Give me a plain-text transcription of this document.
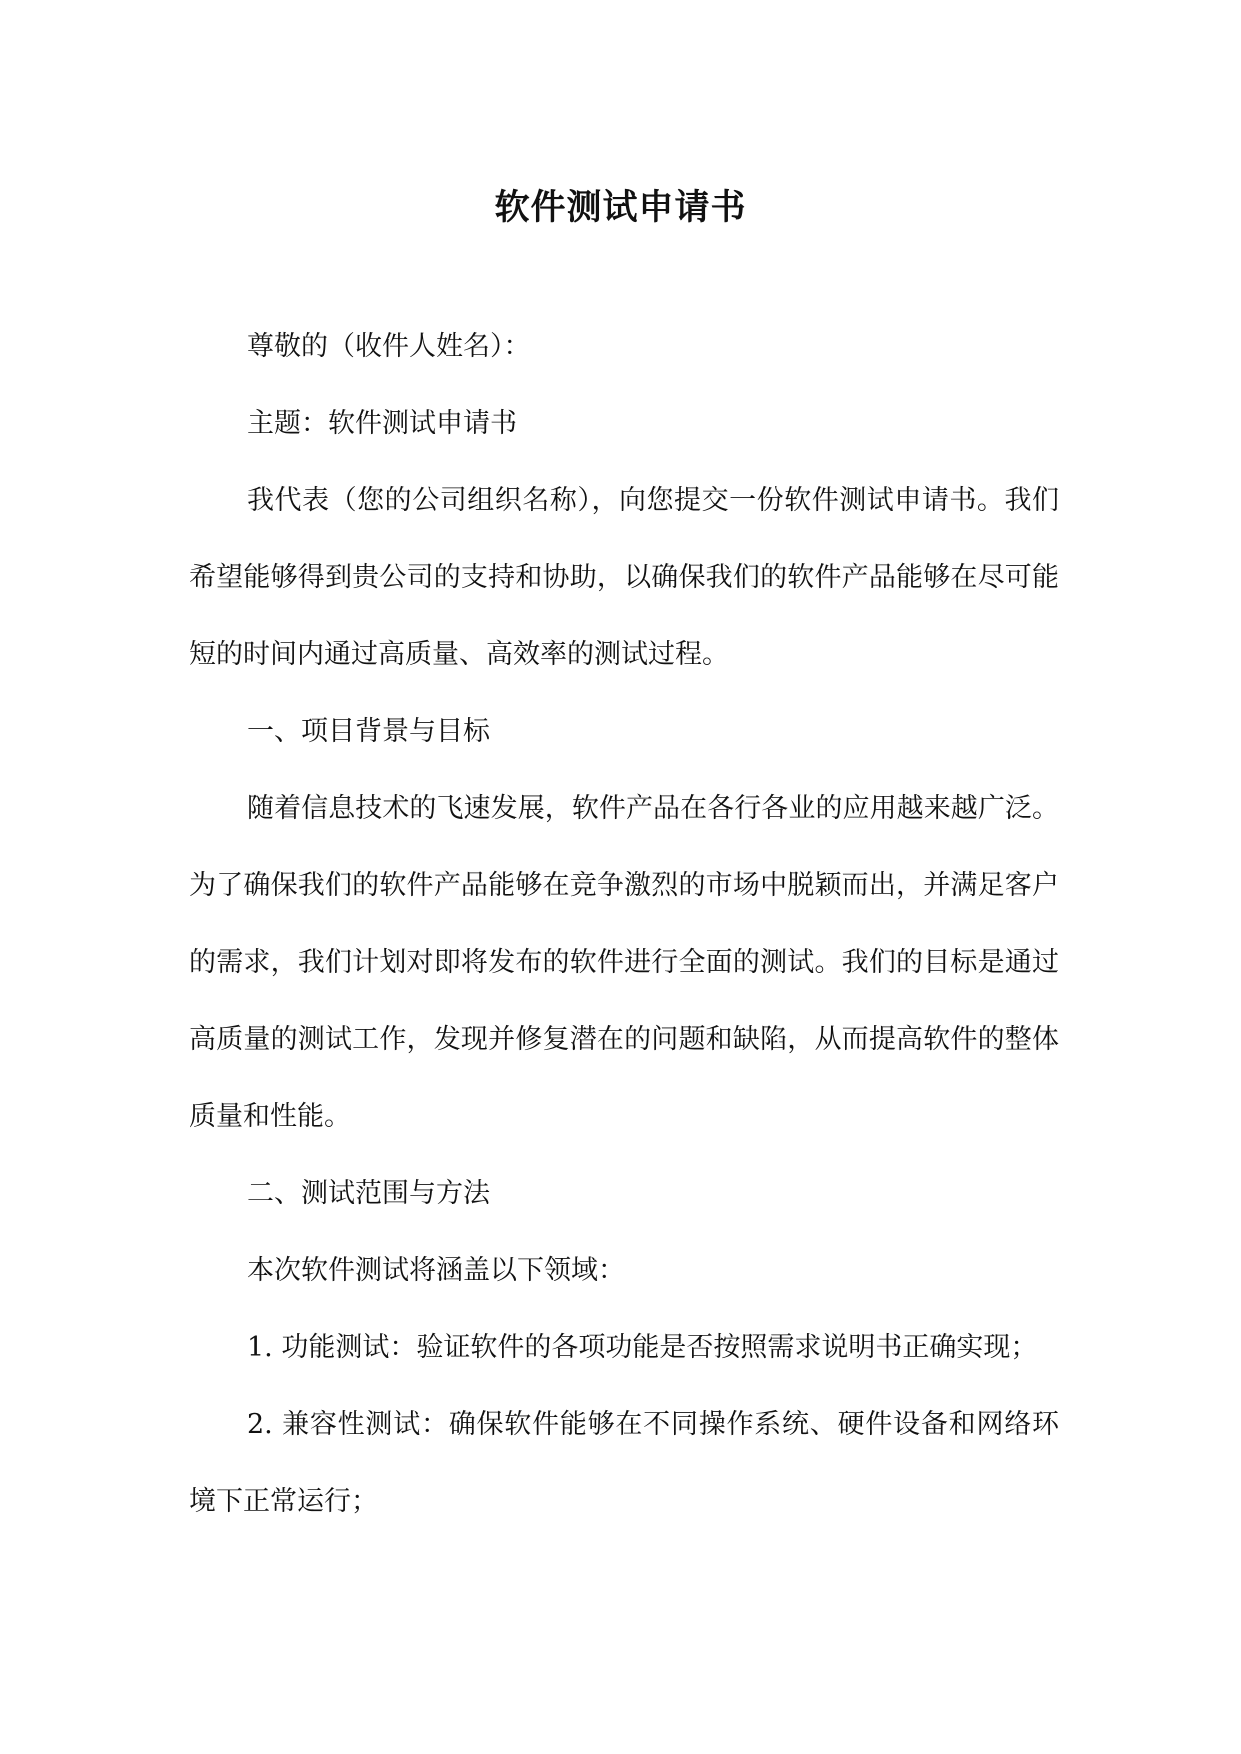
软件测试申请书

尊敬的（收件人姓名）：

主题：软件测试申请书

我代表（您的公司组织名称），向您提交一份软件测试申请书。我们希望能够得到贵公司的支持和协助，以确保我们的软件产品能够在尽可能短的时间内通过高质量、高效率的测试过程。

一、项目背景与目标

随着信息技术的飞速发展，软件产品在各行各业的应用越来越广泛。为了确保我们的软件产品能够在竞争激烈的市场中脱颖而出，并满足客户的需求，我们计划对即将发布的软件进行全面的测试。我们的目标是通过高质量的测试工作，发现并修复潜在的问题和缺陷，从而提高软件的整体质量和性能。

二、测试范围与方法

本次软件测试将涵盖以下领域：

1. 功能测试：验证软件的各项功能是否按照需求说明书正确实现；

2. 兼容性测试：确保软件能够在不同操作系统、硬件设备和网络环境下正常运行；
